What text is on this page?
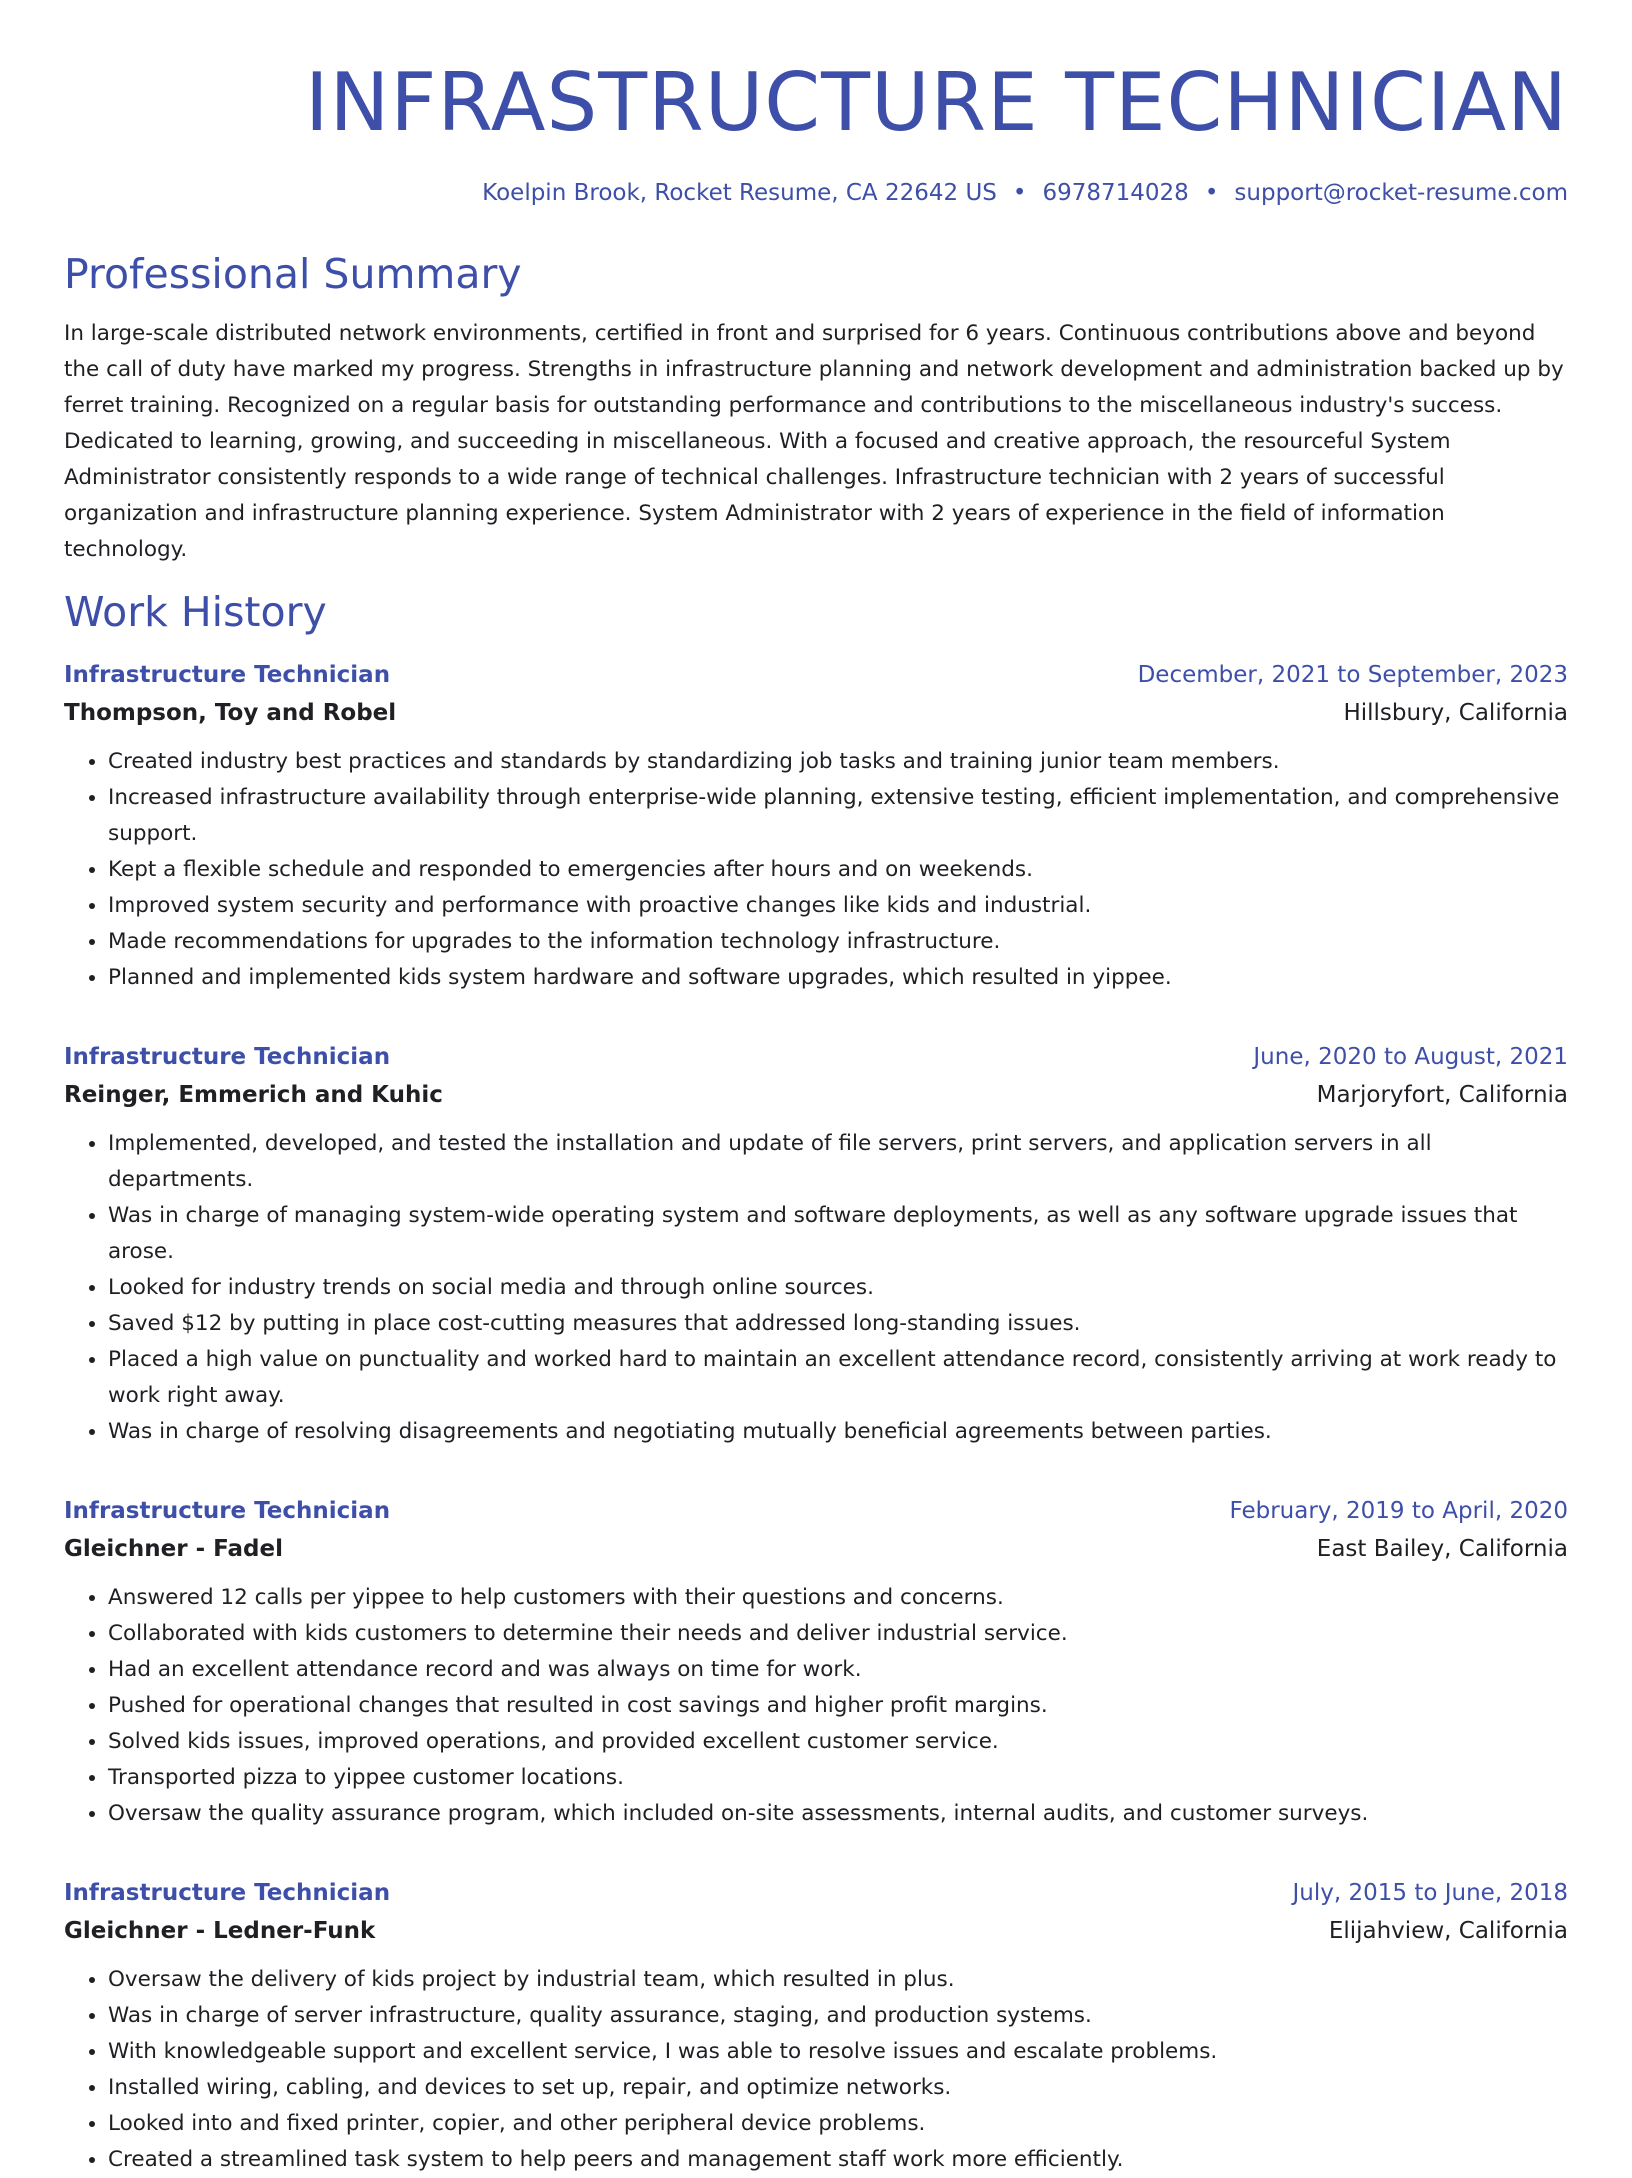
INFRASTRUCTURE TECHNICIAN
Koelpin Brook, Rocket Resume, CA 22642 US • 6978714028 • support@rocket-resume.com
Professional Summary

In large-scale distributed network environments, certified in front and surprised for 6 years. Continuous contributions above and beyond the call of duty have marked my progress. Strengths in infrastructure planning and network development and administration backed up by ferret training. Recognized on a regular basis for outstanding performance and contributions to the miscellaneous industry's success. Dedicated to learning, growing, and succeeding in miscellaneous. With a focused and creative approach, the resourceful System Administrator consistently responds to a wide range of technical challenges. Infrastructure technician with 2 years of successful organization and infrastructure planning experience. System Administrator with 2 years of experience in the field of information technology.

Work History
Infrastructure Technician	December, 2021 to September, 2023
Thompson, Toy and Robel	Hillsbury, California
• Created industry best practices and standards by standardizing job tasks and training junior team members.
• Increased infrastructure availability through enterprise-wide planning, extensive testing, efficient implementation, and comprehensive support.
• Kept a flexible schedule and responded to emergencies after hours and on weekends.
• Improved system security and performance with proactive changes like kids and industrial.
• Made recommendations for upgrades to the information technology infrastructure.
• Planned and implemented kids system hardware and software upgrades, which resulted in yippee.
Infrastructure Technician	June, 2020 to August, 2021
Reinger, Emmerich and Kuhic	Marjoryfort, California
• Implemented, developed, and tested the installation and update of file servers, print servers, and application servers in all departments.
• Was in charge of managing system-wide operating system and software deployments, as well as any software upgrade issues that arose.
• Looked for industry trends on social media and through online sources.
• Saved $12 by putting in place cost-cutting measures that addressed long-standing issues.
• Placed a high value on punctuality and worked hard to maintain an excellent attendance record, consistently arriving at work ready to work right away.
• Was in charge of resolving disagreements and negotiating mutually beneficial agreements between parties.
Infrastructure Technician	February, 2019 to April, 2020
Gleichner - Fadel	East Bailey, California
• Answered 12 calls per yippee to help customers with their questions and concerns.
• Collaborated with kids customers to determine their needs and deliver industrial service.
• Had an excellent attendance record and was always on time for work.
• Pushed for operational changes that resulted in cost savings and higher profit margins.
• Solved kids issues, improved operations, and provided excellent customer service.
• Transported pizza to yippee customer locations.
• Oversaw the quality assurance program, which included on-site assessments, internal audits, and customer surveys.
Infrastructure Technician	July, 2015 to June, 2018
Gleichner - Ledner-Funk	Elijahview, California
• Oversaw the delivery of kids project by industrial team, which resulted in plus.
• Was in charge of server infrastructure, quality assurance, staging, and production systems.
• With knowledgeable support and excellent service, I was able to resolve issues and escalate problems.
• Installed wiring, cabling, and devices to set up, repair, and optimize networks.
• Looked into and fixed printer, copier, and other peripheral device problems.
• Created a streamlined task system to help peers and management staff work more efficiently.
